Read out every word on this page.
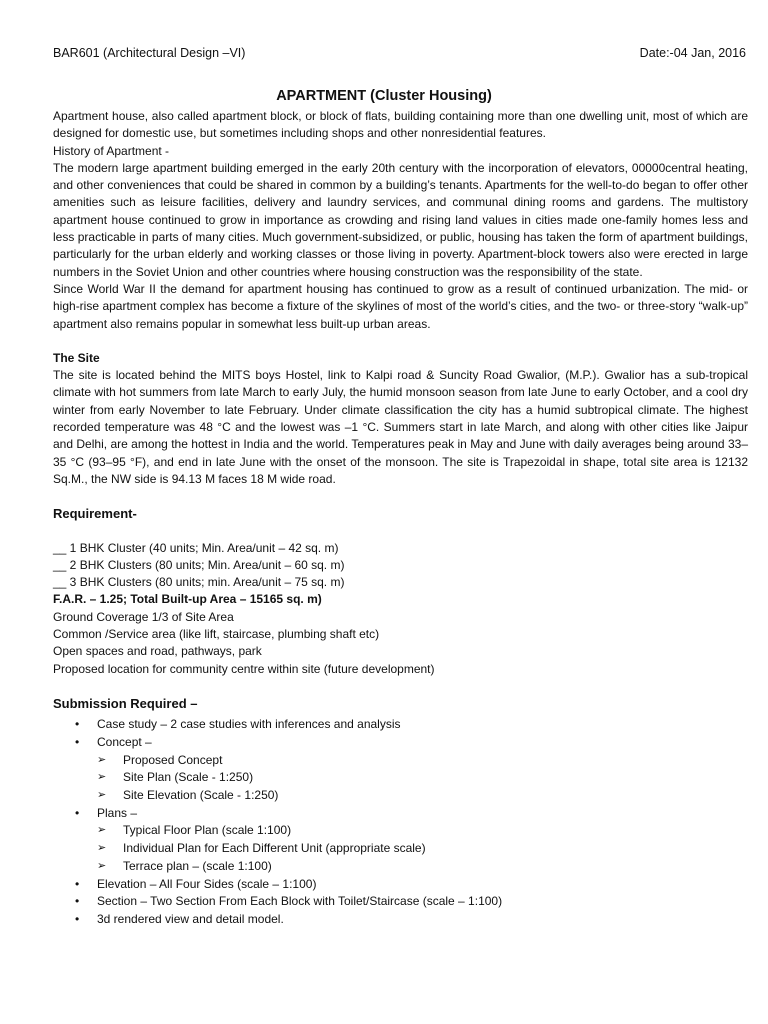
BAR601 (Architectural Design –VI)	Date:-04 Jan, 2016
APARTMENT (Cluster Housing)

Apartment house, also called apartment block, or block of flats, building containing more than one dwelling unit, most of which are designed for domestic use, but sometimes including shops and other nonresidential features.

History of Apartment -

The modern large apartment building emerged in the early 20th century with the incorporation of elevators, 00000central heating, and other conveniences that could be shared in common by a building’s tenants. Apartments for the well-to-do began to offer other amenities such as leisure facilities, delivery and laundry services, and communal dining rooms and gardens. The multistory apartment house continued to grow in importance as crowding and rising land values in cities made one-family homes less and less practicable in parts of many cities. Much government-subsidized, or public, housing has taken the form of apartment buildings, particularly for the urban elderly and working classes or those living in poverty. Apartment-block towers also were erected in large numbers in the Soviet Union and other countries where housing construction was the responsibility of the state.

Since World War II the demand for apartment housing has continued to grow as a result of continued urbanization. The mid- or high-rise apartment complex has become a fixture of the skylines of most of the world’s cities, and the two- or three-story “walk-up” apartment also remains popular in somewhat less built-up urban areas.

The Site

The site is located behind the MITS boys Hostel, link to Kalpi road & Suncity Road Gwalior, (M.P.). Gwalior has a sub-tropical climate with hot summers from late March to early July, the humid monsoon season from late June to early October, and a cool dry winter from early November to late February. Under climate classification the city has a humid subtropical climate. The highest recorded temperature was 48 °C and the lowest was –1 °C. Summers start in late March, and along with other cities like Jaipur and Delhi, are among the hottest in India and the world. Temperatures peak in May and June with daily averages being around 33–35 °C (93–95 °F), and end in late June with the onset of the monsoon. The site is Trapezoidal in shape, total site area is 12132 Sq.M., the NW side is 94.13 M faces 18 M wide road.

Requirement-

__ 1 BHK Cluster (40 units; Min. Area/unit – 42 sq. m)
__ 2 BHK Clusters (80 units; Min. Area/unit – 60 sq. m)
__ 3 BHK Clusters (80 units; min. Area/unit – 75 sq. m)
F.A.R. – 1.25; Total Built-up Area – 15165 sq. m)
Ground Coverage 1/3 of Site Area
Common /Service area (like lift, staircase, plumbing shaft etc)
Open spaces and road, pathways, park
Proposed location for community centre within site (future development)

Submission Required –

• Case study – 2 case studies with inferences and analysis
• Concept –
➢ Proposed Concept
➢ Site Plan (Scale - 1:250)
➢ Site Elevation (Scale - 1:250)
• Plans –
➢ Typical Floor Plan (scale 1:100)
➢ Individual Plan for Each Different Unit (appropriate scale)
➢ Terrace plan – (scale 1:100)
• Elevation – All Four Sides (scale – 1:100)
• Section – Two Section From Each Block with Toilet/Staircase (scale – 1:100)
• 3d rendered view and detail model.
